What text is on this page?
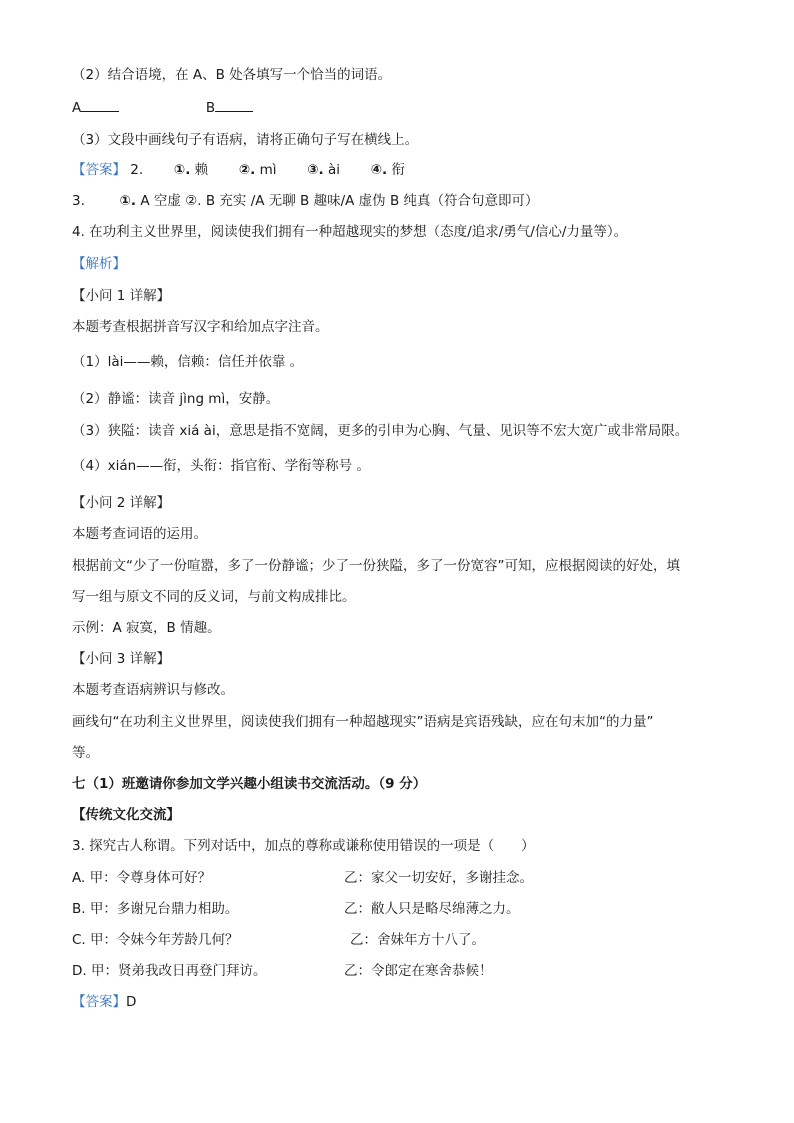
（2）结合语境，在 A、B 处各填写一个恰当的词语。
A	B
（3）文段中画线句子有语病，请将正确句子写在横线上。
【答案】 2. ①. 赖 ②. mì ③. ài ④. 衔
3.	①. A 空虚 ②. B 充实 /A 无聊 B 趣味/A 虚伪 B 纯真（符合句意即可）
4. 在功利主义世界里，阅读使我们拥有一种超越现实的梦想（态度/追求/勇气/信心/力量等）。
【解析】
【小问 1 详解】
本题考查根据拼音写汉字和给加点字注音。
（1）lài——赖，信赖：信任并依靠 。
（2）静谧：读音 jìng mì，安静。
（3）狭隘：读音 xiá ài，意思是指不宽阔，更多的引申为心胸、气量、见识等不宏大宽广或非常局限。
（4）xián——衔，头衔：指官衔、学衔等称号 。
【小问 2 详解】
本题考查词语的运用。
根据前文“少了一份喧嚣，多了一份静谧；少了一份狭隘，多了一份宽容”可知，应根据阅读的好处，填
写一组与原文不同的反义词，与前文构成排比。
示例：A 寂寞，B 情趣。
【小问 3 详解】
本题考查语病辨识与修改。
画线句“在功利主义世界里，阅读使我们拥有一种超越现实”语病是宾语残缺，应在句末加“的力量”
等。
七（1）班邀请你参加文学兴趣小组读书交流活动。（9 分）
【传统文化交流】
3. 探究古人称谓。下列对话中，加点的尊称或谦称使用错误的一项是（　　）
A. 甲：令尊身体可好？	乙：家父一切安好，多谢挂念。
B. 甲：多谢兄台鼎力相助。	乙：敝人只是略尽绵薄之力。
C. 甲：令妹今年芳龄几何？	乙：舍妹年方十八了。
D. 甲：贤弟我改日再登门拜访。	乙：令郎定在寒舍恭候！
【答案】D
